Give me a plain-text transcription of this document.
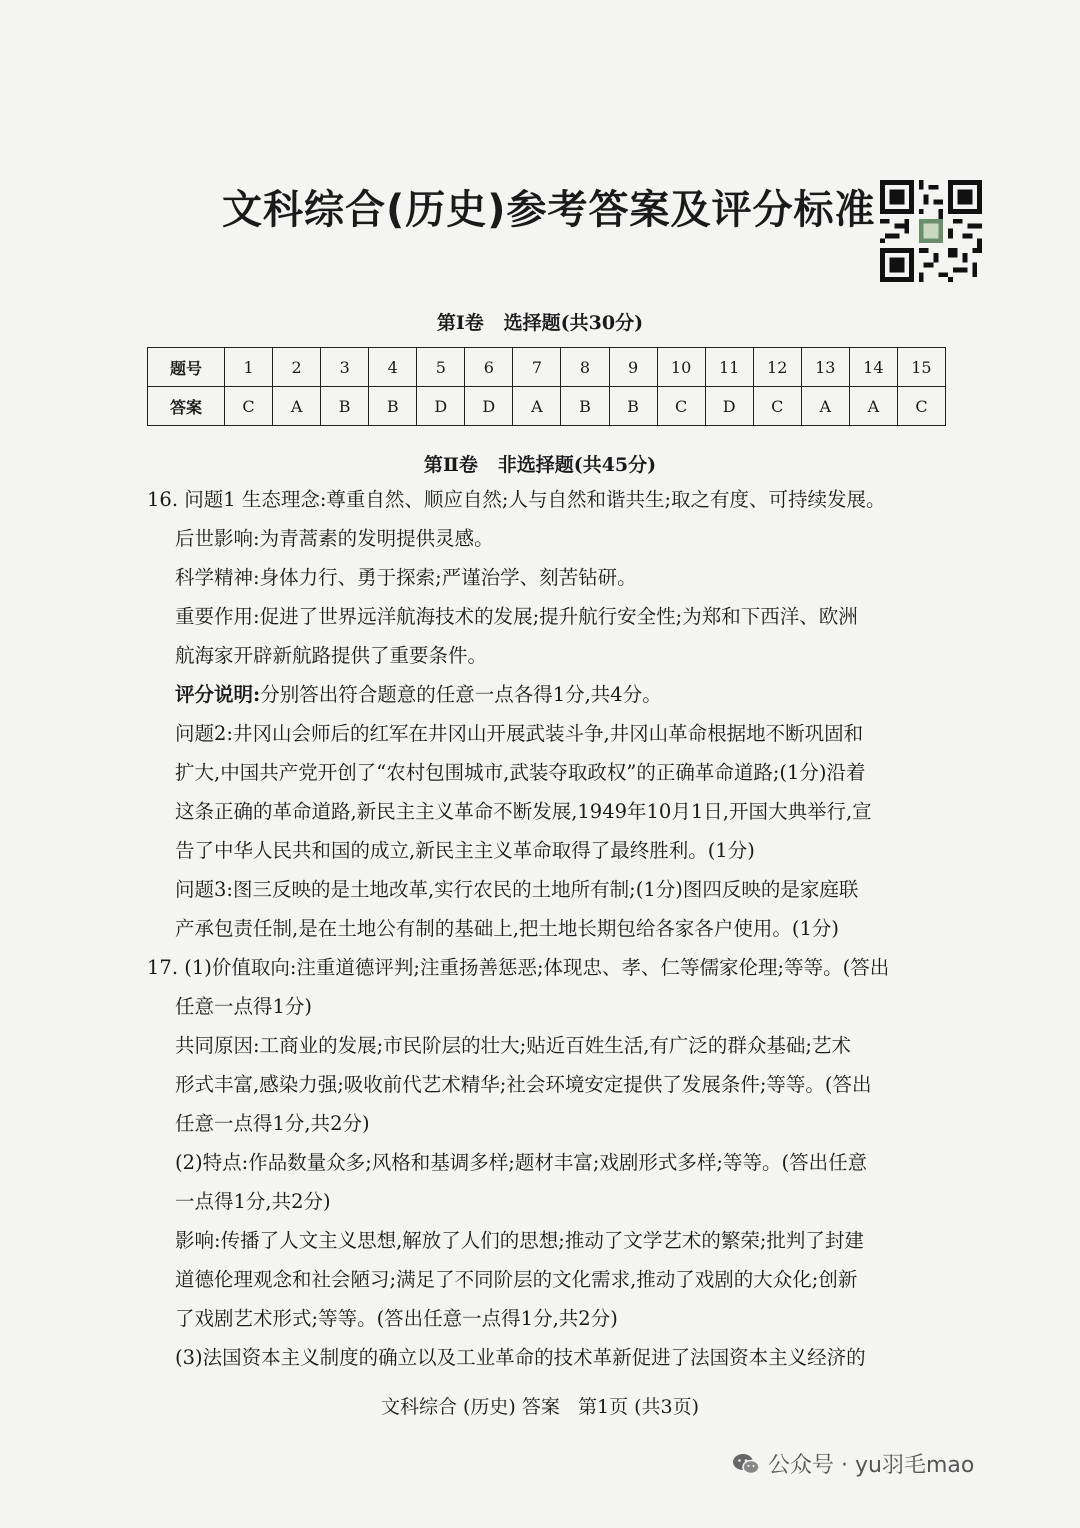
文科综合(历史)参考答案及评分标准
第Ⅰ卷   选择题(共30分)
题号	1	2	3	4	5	6	7	8	9	10	11	12	13	14	15
答案	C	A	B	B	D	D	A	B	B	C	D	C	A	A	C
第Ⅱ卷   非选择题(共45分)
16. 问题1 生态理念:尊重自然、顺应自然;人与自然和谐共生;取之有度、可持续发展。
后世影响:为青蒿素的发明提供灵感。
科学精神:身体力行、勇于探索;严谨治学、刻苦钻研。
重要作用:促进了世界远洋航海技术的发展;提升航行安全性;为郑和下西洋、欧洲
航海家开辟新航路提供了重要条件。
评分说明:分别答出符合题意的任意一点各得1分,共4分。
问题2:井冈山会师后的红军在井冈山开展武装斗争,井冈山革命根据地不断巩固和
扩大,中国共产党开创了“农村包围城市,武装夺取政权”的正确革命道路;(1分)沿着
这条正确的革命道路,新民主主义革命不断发展,1949年10月1日,开国大典举行,宣
告了中华人民共和国的成立,新民主主义革命取得了最终胜利。(1分)
问题3:图三反映的是土地改革,实行农民的土地所有制;(1分)图四反映的是家庭联
产承包责任制,是在土地公有制的基础上,把土地长期包给各家各户使用。(1分)
17. (1)价值取向:注重道德评判;注重扬善惩恶;体现忠、孝、仁等儒家伦理;等等。(答出
任意一点得1分)
共同原因:工商业的发展;市民阶层的壮大;贴近百姓生活,有广泛的群众基础;艺术
形式丰富,感染力强;吸收前代艺术精华;社会环境安定提供了发展条件;等等。(答出
任意一点得1分,共2分)
(2)特点:作品数量众多;风格和基调多样;题材丰富;戏剧形式多样;等等。(答出任意
一点得1分,共2分)
影响:传播了人文主义思想,解放了人们的思想;推动了文学艺术的繁荣;批判了封建
道德伦理观念和社会陋习;满足了不同阶层的文化需求,推动了戏剧的大众化;创新
了戏剧艺术形式;等等。(答出任意一点得1分,共2分)
(3)法国资本主义制度的确立以及工业革命的技术革新促进了法国资本主义经济的
文科综合 (历史) 答案   第1页 (共3页)
公众号 · yu羽毛mao
